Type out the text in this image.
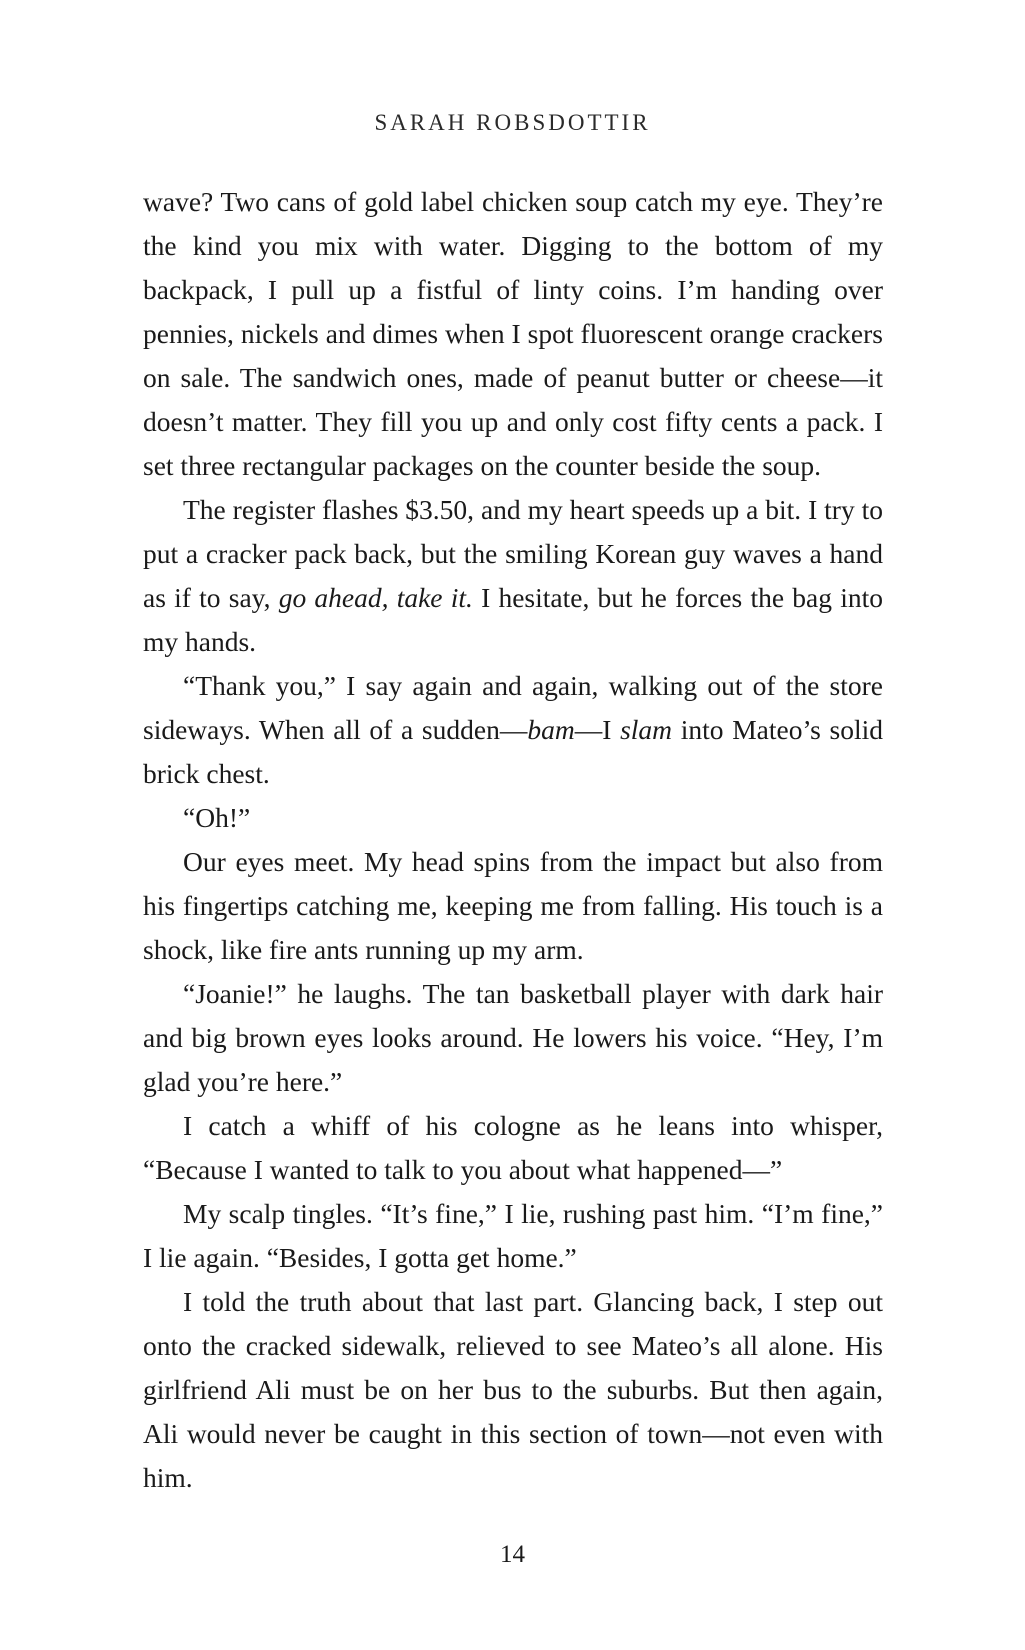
SARAH ROBSDOTTIR

wave? Two cans of gold label chicken soup catch my eye. They’re the kind you mix with water. Digging to the bottom of my backpack, I pull up a fistful of linty coins. I’m handing over pennies, nickels and dimes when I spot fluorescent orange crackers on sale. The sandwich ones, made of peanut butter or cheese—it doesn’t matter. They fill you up and only cost fifty cents a pack. I set three rectangular packages on the counter beside the soup.

The register flashes $3.50, and my heart speeds up a bit. I try to put a cracker pack back, but the smiling Korean guy waves a hand as if to say, go ahead, take it. I hesitate, but he forces the bag into my hands.

“Thank you,” I say again and again, walking out of the store sideways. When all of a sudden—bam—I slam into Mateo’s solid brick chest.

“Oh!”

Our eyes meet. My head spins from the impact but also from his fingertips catching me, keeping me from falling. His touch is a shock, like fire ants running up my arm.

“Joanie!” he laughs. The tan basketball player with dark hair and big brown eyes looks around. He lowers his voice. “Hey, I’m glad you’re here.”

I catch a whiff of his cologne as he leans into whisper, “Because I wanted to talk to you about what happened—”

My scalp tingles. “It’s fine,” I lie, rushing past him. “I’m fine,” I lie again. “Besides, I gotta get home.”

I told the truth about that last part. Glancing back, I step out onto the cracked sidewalk, relieved to see Mateo’s all alone. His girlfriend Ali must be on her bus to the suburbs. But then again, Ali would never be caught in this section of town—not even with him.

14
